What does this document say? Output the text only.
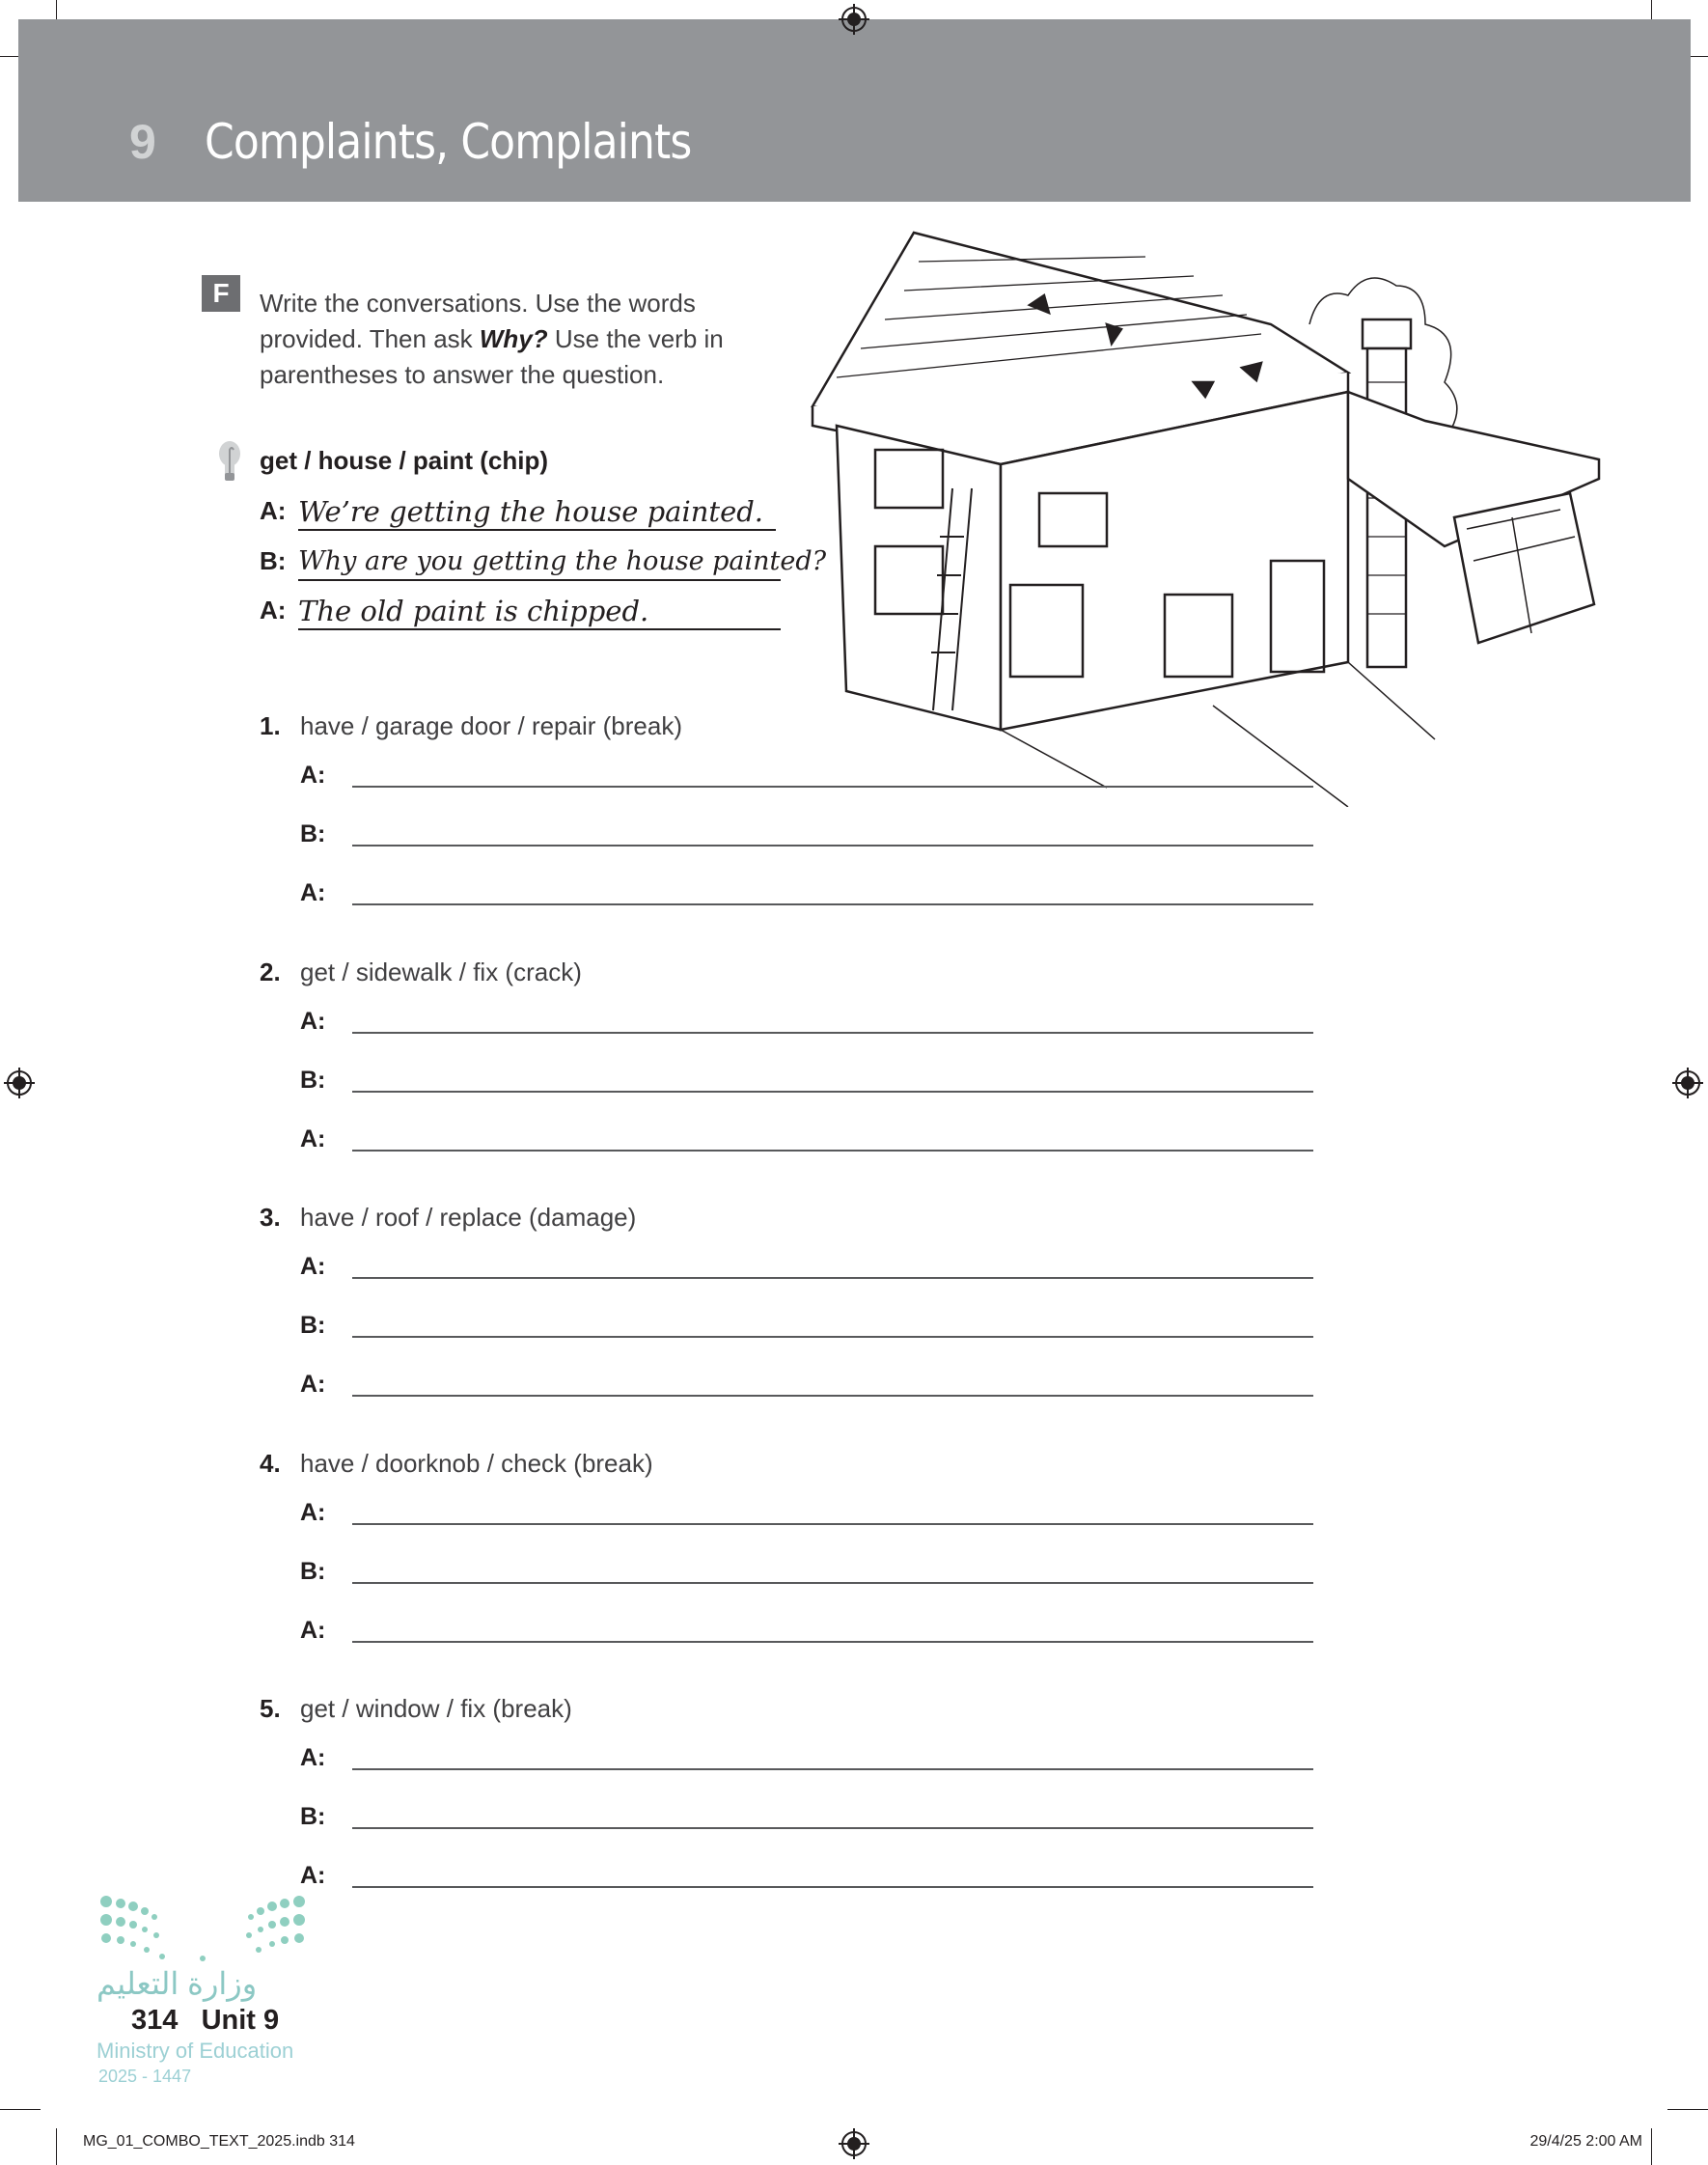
9 Complaints, Complaints
F	Write the conversations. Use the words provided. Then ask Why? Use the verb in parentheses to answer the question.
get / house / paint (chip)
A: We’re getting the house painted.
B: Why are you getting the house painted?
A: The old paint is chipped.
1. have / garage door / repair (break)
A:
B:
A:
2. get / sidewalk / fix (crack)
A:
B:
A:
3. have / roof / replace (damage)
A:
B:
A:
4. have / doorknob / check (break)
A:
B:
A:
5. get / window / fix (break)
A:
B:
A:
وزارة التعليم
314 Unit 9
Ministry of Education
2025 - 1447
MG_01_COMBO_TEXT_2025.indb 314	29/4/25 2:00 AM
